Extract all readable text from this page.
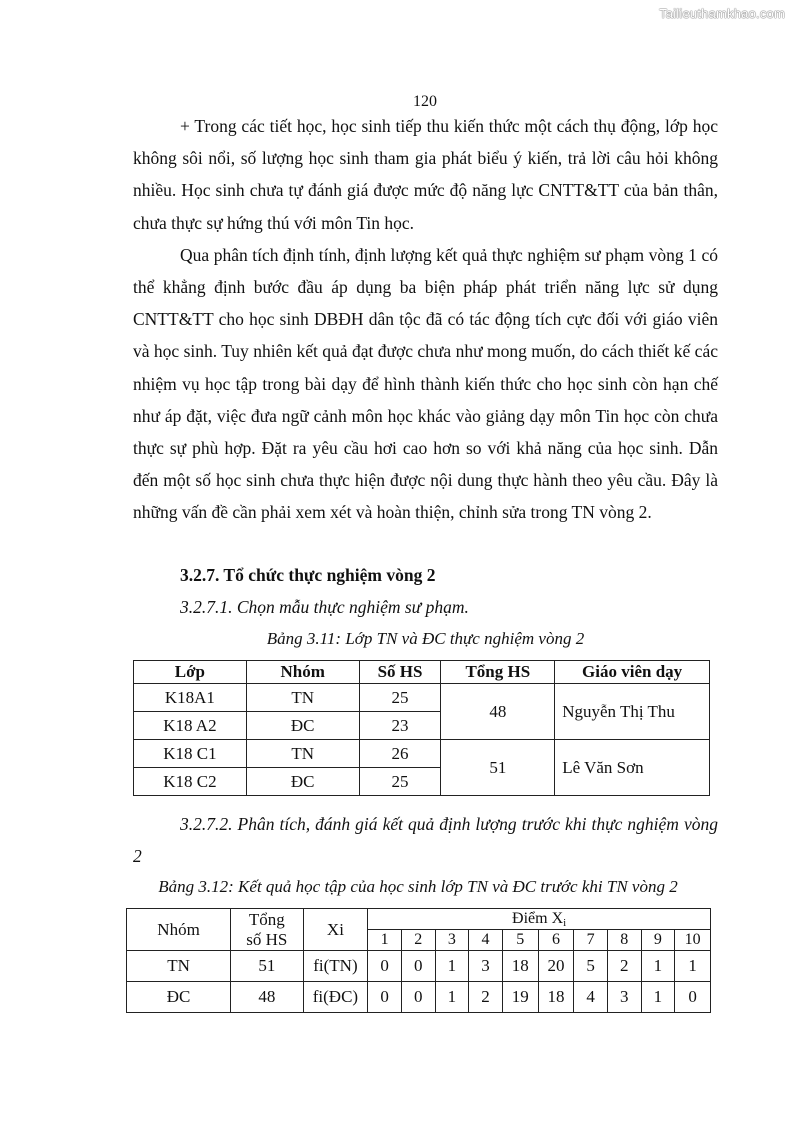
Tailieuthamkhao.com
120

+ Trong các tiết học, học sinh tiếp thu kiến thức một cách thụ động, lớp học không sôi nổi, số lượng học sinh tham gia phát biểu ý kiến, trả lời câu hỏi không nhiều. Học sinh chưa tự đánh giá được mức độ năng lực CNTT&TT của bản thân, chưa thực sự hứng thú với môn Tin học.

Qua phân tích định tính, định lượng kết quả thực nghiệm sư phạm vòng 1 có thể khẳng định bước đầu áp dụng ba biện pháp phát triển năng lực sử dụng CNTT&TT cho học sinh DBĐH dân tộc đã có tác động tích cực đối với giáo viên và học sinh. Tuy nhiên kết quả đạt được chưa như mong muốn, do cách thiết kế các nhiệm vụ học tập trong bài dạy để hình thành kiến thức cho học sinh còn hạn chế như áp đặt, việc đưa ngữ cảnh môn học khác vào giảng dạy môn Tin học còn chưa thực sự phù hợp. Đặt ra yêu cầu hơi cao hơn so với khả năng của học sinh. Dẫn đến một số học sinh chưa thực hiện được nội dung thực hành theo yêu cầu. Đây là những vấn đề cần phải xem xét và hoàn thiện, chỉnh sửa trong TN vòng 2.

3.2.7. Tổ chức thực nghiệm vòng 2
3.2.7.1. Chọn mẫu thực nghiệm sư phạm.
Bảng 3.11: Lớp TN và ĐC thực nghiệm vòng 2
Lớp	Nhóm	Số HS	Tổng HS	Giáo viên dạy
K18A1	TN	25	48	Nguyễn Thị Thu
K18 A2	ĐC	23		
K18 C1	TN	26	51	Lê Văn Sơn
K18 C2	ĐC	25		
3.2.7.2. Phân tích, đánh giá kết quả định lượng trước khi thực nghiệm vòng 2
Bảng 3.12: Kết quả học tập của học sinh lớp TN và ĐC trước khi TN vòng 2
Nhóm	Tổng
số HS	Xi	Điểm $X_i$
			1	2	3	4	5	6	7	8	9	10
TN	51	fi(TN)	0	0	1	3	18	20	5	2	1	1
ĐC	48	fi(ĐC)	0	0	1	2	19	18	4	3	1	0
